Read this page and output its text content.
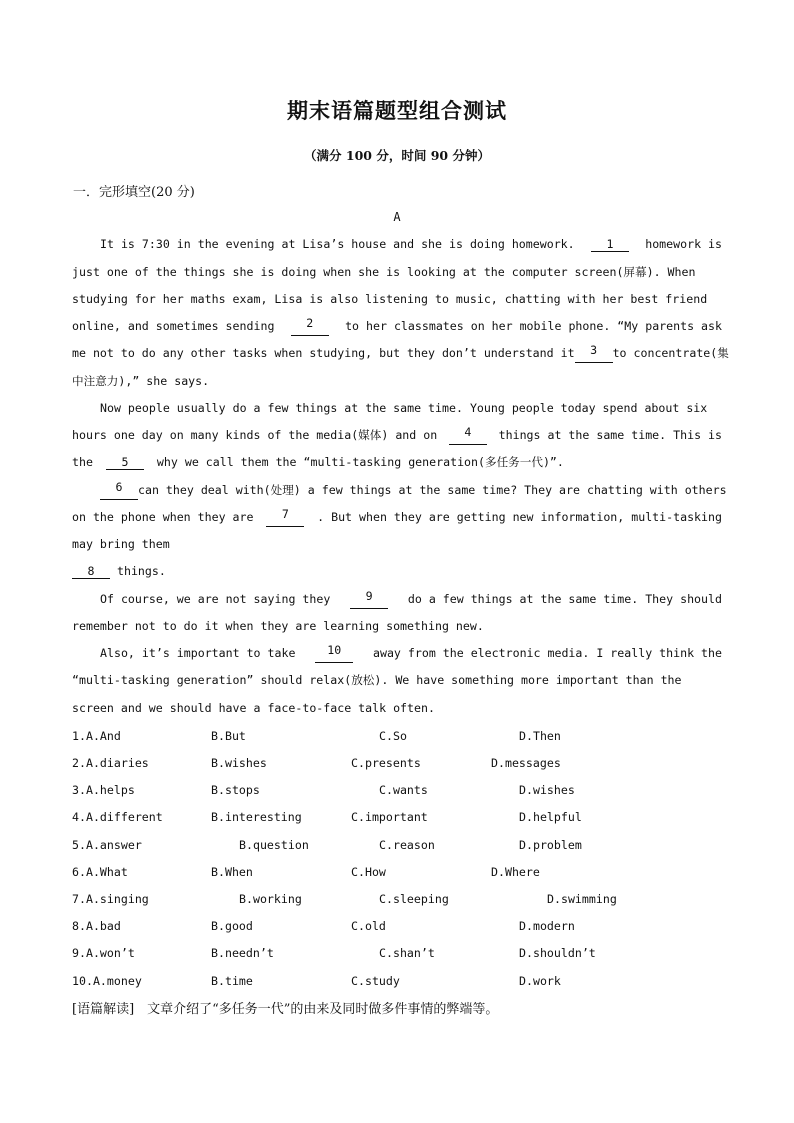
期末语篇题型组合测试
（满分 100 分，时间 90 分钟）
一．完形填空(20 分)
A
It is 7:30 in the evening at Lisa’s house and she is doing homework.	1	homework is
just one of the things she is doing when she is looking at the computer screen(屏幕). When
studying for her maths exam, Lisa is also listening to music, chatting with her best friend
online, and sometimes sending	2	to her classmates on her mobile phone. “My parents ask
me not to do any other tasks when studying, but they don’t understand it	3	to concentrate(集
中注意力),” she says.
Now people usually do a few things at the same time. Young people today spend about six
hours one day on many kinds of the media(媒体) and on	4	things at the same time. This is
the 5 why we call them the “multi-tasking generation(多任务一代)”.
6	can they deal with(处理) a few things at the same time? They are chatting with others
on the phone when they are	7	. But when they are getting new information, multi-tasking
may bring them
8 things.
Of course, we are not saying they	9	do a few things at the same time. They should
remember not to do it when they are learning something new.
Also, it’s important to take	10	away from the electronic media. I really think the
“multi-tasking generation” should relax(放松). We have something more important than the
screen and we should have a face-to-face talk often.
1.A.And	B.But	C.So	D.Then
2.A.diaries	B.wishes	C.presents	D.messages
3.A.helps	B.stops	C.wants	D.wishes
4.A.different	B.interesting	C.important	D.helpful
5.A.answer	B.question	C.reason	D.problem
6.A.What	B.When	C.How	D.Where
7.A.singing	B.working	C.sleeping	D.swimming
8.A.bad	B.good	C.old	D.modern
9.A.won’t	B.needn’t	C.shan’t	D.shouldn’t
10.A.money	B.time	C.study	D.work
[语篇解读]　文章介绍了“多任务一代”的由来及同时做多件事情的弊端等。
